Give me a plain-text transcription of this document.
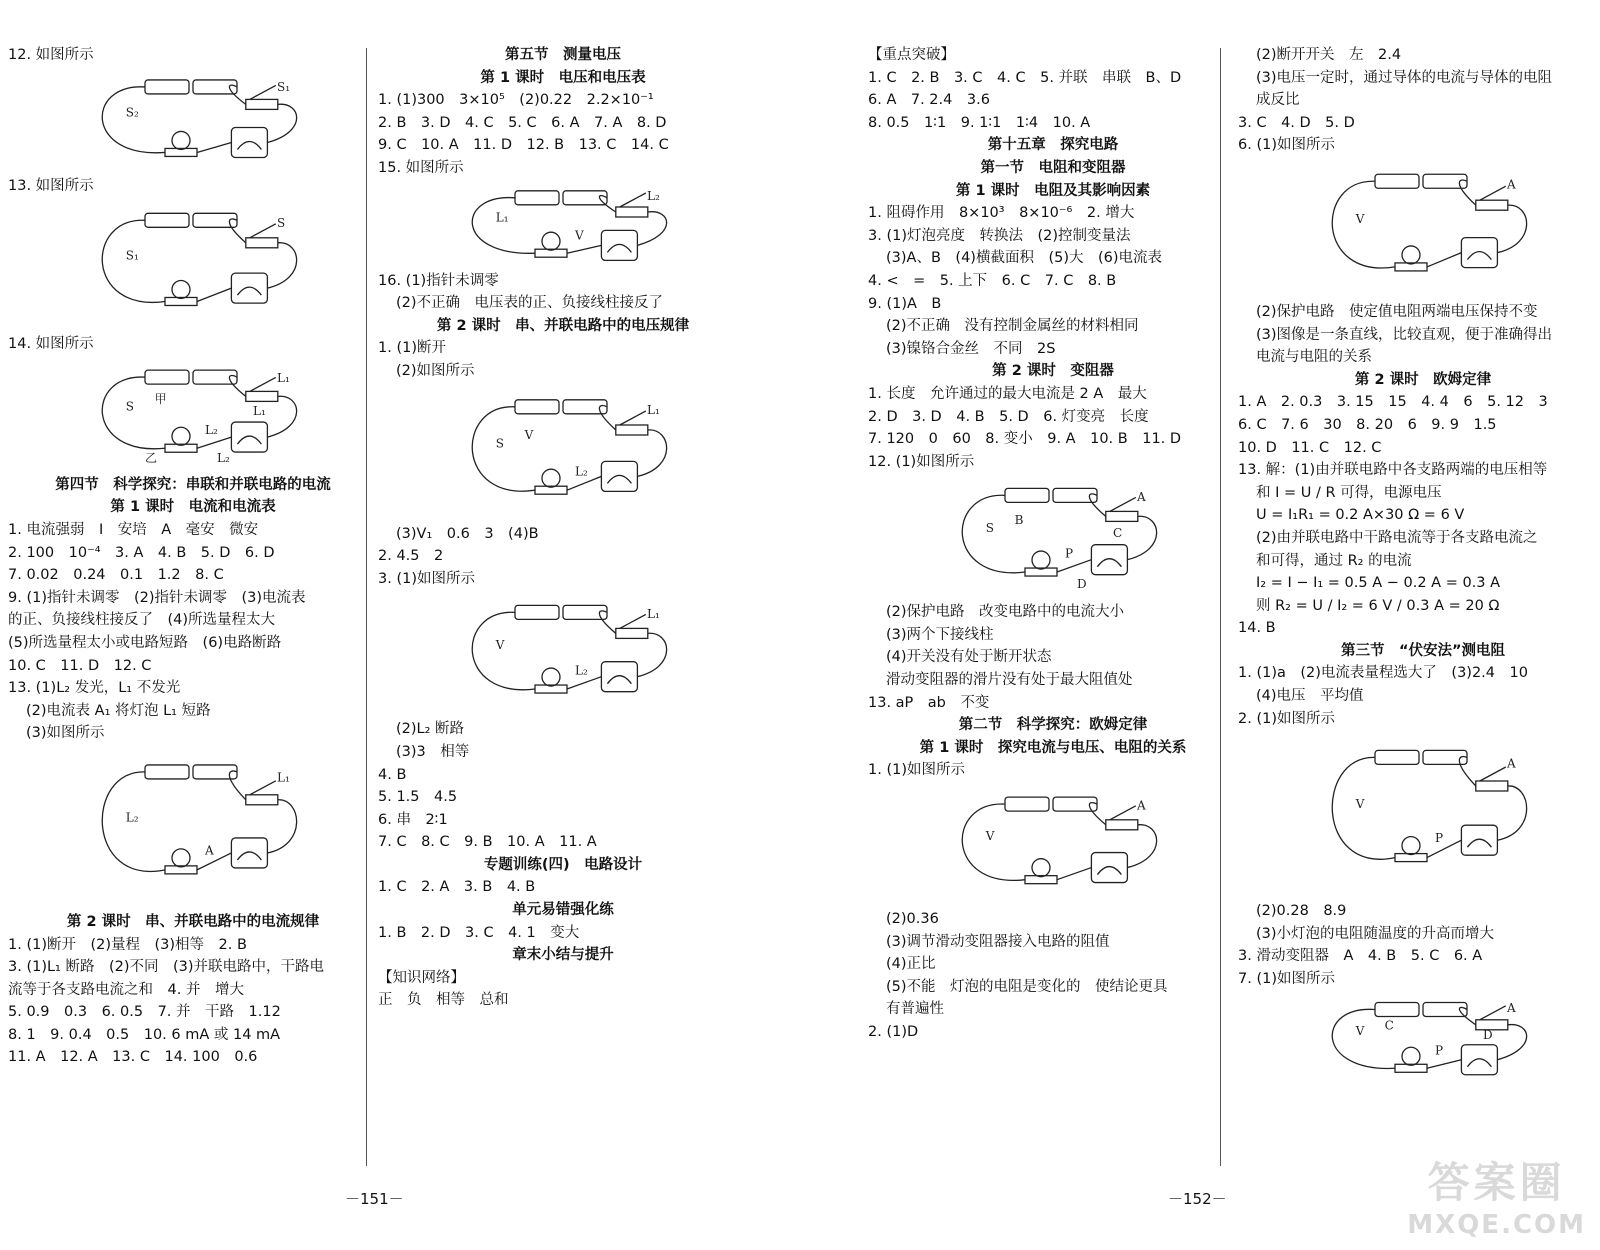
12. 如图所示
S₂
S₁
13. 如图所示
S₁
S
14. 如图所示
S
L₁
L₂
甲
L₁
L₂
乙
第四节　科学探究：串联和并联电路的电流
第 1 课时　电流和电流表
1. 电流强弱　I　安培　A　毫安　微安
2. 100　10⁻⁴　3. A　4. B　5. D　6. D
7. 0.02　0.24　0.1　1.2　8. C
9. (1)指针未调零　(2)指针未调零　(3)电流表
的正、负接线柱接反了　(4)所选量程太大
(5)所选量程太小或电路短路　(6)电路断路
10. C　11. D　12. C
13. (1)L₂ 发光，L₁ 不发光
(2)电流表 A₁ 将灯泡 L₁ 短路
(3)如图所示
L₂
L₁
A
第 2 课时　串、并联电路中的电流规律
1. (1)断开　(2)量程　(3)相等　2. B
3. (1)L₁ 断路　(2)不同　(3)并联电路中，干路电
流等于各支路电流之和　4. 并　增大
5. 0.9　0.3　6. 0.5　7. 并　干路　1.12
8. 1　9. 0.4　0.5　10. 6 mA 或 14 mA
11. A　12. A　13. C　14. 100　0.6
第五节　测量电压
第 1 课时　电压和电压表
1. (1)300　3×10⁵　(2)0.22　2.2×10⁻¹
2. B　3. D　4. C　5. C　6. A　7. A　8. D
9. C　10. A　11. D　12. B　13. C　14. C
15. 如图所示
L₁
L₂
V
16. (1)指针未调零
(2)不正确　电压表的正、负接线柱接反了
第 2 课时　串、并联电路中的电压规律
1. (1)断开
(2)如图所示
S
L₁
L₂
V
(3)V₁　0.6　3　(4)B
2. 4.5　2
3. (1)如图所示
V
L₁
L₂
(2)L₂ 断路
(3)3　相等
4. B
5. 1.5　4.5
6. 串　2∶1
7. C　8. C　9. B　10. A　11. A
专题训练(四)　电路设计
1. C　2. A　3. B　4. B
单元易错强化练
1. B　2. D　3. C　4. 1　变大
章末小结与提升
【知识网络】
正　负　相等　总和
【重点突破】
1. C　2. B　3. C　4. C　5. 并联　串联　B、D
6. A　7. 2.4　3.6
8. 0.5　1∶1　9. 1∶1　1∶4　10. A
第十五章　探究电路
第一节　电阻和变阻器
第 1 课时　电阻及其影响因素
1. 阻碍作用　8×10³　8×10⁻⁶　2. 增大
3. (1)灯泡亮度　转换法　(2)控制变量法
(3)A、B　(4)横截面积　(5)大　(6)电流表
4. <　=　5. 上下　6. C　7. C　8. B
9. (1)A　B
(2)不正确　没有控制金属丝的材料相同
(3)镍铬合金丝　不同　2S
第 2 课时　变阻器
1. 长度　允许通过的最大电流是 2 A　最大
2. D　3. D　4. B　5. D　6. 灯变亮　长度
7. 120　0　60　8. 变小　9. A　10. B　11. D
12. (1)如图所示
S
A
P
B
C
D
(2)保护电路　改变电路中的电流大小
(3)两个下接线柱
(4)开关没有处于断开状态
滑动变阻器的滑片没有处于最大阻值处
13. aP　ab　不变
第二节　科学探究：欧姆定律
第 1 课时　探究电流与电压、电阻的关系
1. (1)如图所示
V
A
(2)0.36
(3)调节滑动变阻器接入电路的阻值
(4)正比
(5)不能　灯泡的电阻是变化的　使结论更具
有普遍性
2. (1)D
(2)断开开关　左　2.4
(3)电压一定时，通过导体的电流与导体的电阻
成反比
3. C　4. D　5. D
6. (1)如图所示
V
A
(2)保护电路　使定值电阻两端电压保持不变
(3)图像是一条直线，比较直观，便于准确得出
电流与电阻的关系
第 2 课时　欧姆定律
1. A　2. 0.3　3. 15　15　4. 4　6　5. 12　3
6. C　7. 6　30　8. 20　6　9. 9　1.5
10. D　11. C　12. C
13. 解：(1)由并联电路中各支路两端的电压相等
和 I = U / R 可得，电源电压
U = I₁R₁ = 0.2 A×30 Ω = 6 V
(2)由并联电路中干路电流等于各支路电流之
和可得，通过 R₂ 的电流
I₂ = I − I₁ = 0.5 A − 0.2 A = 0.3 A
则 R₂ = U / I₂ = 6 V / 0.3 A = 20 Ω
14. B
第三节　“伏安法”测电阻
1. (1)a　(2)电流表量程选大了　(3)2.4　10
(4)电压　平均值
2. (1)如图所示
V
A
P
(2)0.28　8.9
(3)小灯泡的电阻随温度的升高而增大
3. 滑动变阻器　A　4. B　5. C　6. A
7. (1)如图所示
V
A
P
C
D
－151－	－152－	答案圈
MXQE.COM
